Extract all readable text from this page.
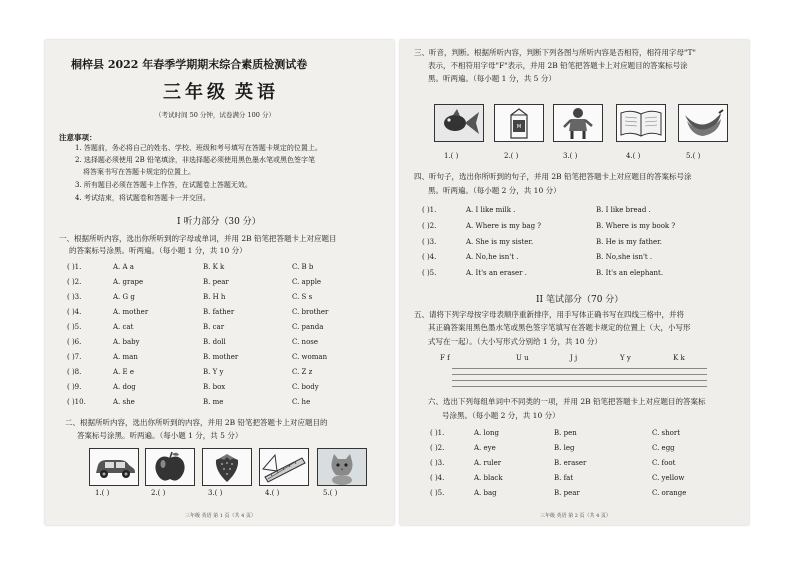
桐梓县 2022 年春季学期期末综合素质检测试卷
三年级 英语
（考试时间 50 分钟，试卷满分 100 分）
注意事项：
1. 答题前，务必将自己的姓名、学校、班级和考号填写在答题卡规定的位置上。
2. 选择题必须使用 2B 铅笔填涂，非选择题必须使用黑色墨水笔或黑色签字笔
将答案书写在答题卡规定的位置上。
3. 所有题目必须在答题卡上作答，在试题卷上答题无效。
4. 考试结束，将试题卷和答题卡一并交回。
I 听力部分（30 分）
一、根据所听内容，选出你所听到的字母或单词，并用 2B 铅笔把答题卡上对应题目
的答案标号涂黑。听两遍。（每小题 1 分，共 10 分）
( )1.	A. A a	B. K k	C. B b
( )2.	A. grape	B. pear	C. apple
( )3.	A. G g	B. H h	C. S s
( )4.	A. mother	B. father	C. brother
( )5.	A. cat	B. car	C. panda
( )6.	A. baby	B. doll	C. nose
( )7.	A. man	B. mother	C. woman
( )8.	A. E e	B. Y y	C. Z z
( )9.	A. dog	B. box	C. body
( )10.	A. she	B. me	C. he
二、根据所听内容，选出你所听到的内容，并用 2B 铅笔把答题卡上对应题目的
答案标号涂黑。听两遍。（每小题 1 分，共 5 分）
1.( )	2.( )	3.( )	4.( )	5.( )
三年级 英语 第 1 页（共 4 页）
三、听音，判断。根据所听内容，判断下列各图与所听内容是否相符，相符用字母"T"
表示，不相符用字母"F"表示，并用 2B 铅笔把答题卡上对应题目的答案标号涂
黑。听两遍。（每小题 1 分，共 5 分）
M
1.( )	2.( )	3.( )	4.( )	5.( )
四、听句子，选出你所听到的句子，并用 2B 铅笔把答题卡上对应题目的答案标号涂
黑。听两遍。（每小题 2 分，共 10 分）
( )1.	A. I like milk .	B. I like bread .
( )2.	A. Where is my bag ?	B. Where is my book ?
( )3.	A. She is my sister.	B. He is my father.
( )4.	A. No,he isn't .	B. No,she isn't .
( )5.	A. It's an eraser .	B. It's an elephant.
II 笔试部分（70 分）
五、请将下列字母按字母表顺序重新排序，用手写体正确书写在四线三格中，并将
其正确答案用黑色墨水笔或黑色签字笔填写在答题卡规定的位置上（大，小写形
式写在一起）。（大小写形式分别给 1 分，共 10 分）
F f	U u	J j	Y y	K k
六、选出下列每组单词中不同类的一项，并用 2B 铅笔把答题卡上对应题目的答案标
号涂黑。（每小题 2 分，共 10 分）
( )1.	A. long	B. pen	C. short
( )2.	A. eye	B. leg	C. egg
( )3.	A. ruler	B. eraser	C. foot
( )4.	A. black	B. fat	C. yellow
( )5.	A. bag	B. pear	C. orange
三年级 英语 第 2 页（共 4 页）
